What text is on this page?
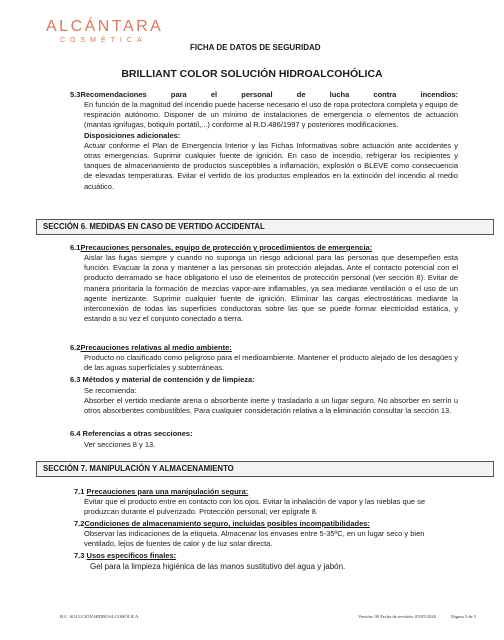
ALCÁNTARA
COSMÉTICA
FICHA DE DATOS DE SEGURIDAD
BRILLIANT COLOR SOLUCIÓN HIDROALCOHÓLICA

5.3Recomendaciones para el personal de lucha contra incendios:

En función de la magnitud del incendio puede hacerse necesario el uso de ropa protectora completa y equipo de respiración autónomo. Disponer de un mínimo de instalaciones de emergencia o elementos de actuación (mantas ignífugas, botiquín portátil,...) conforme al R.D.486/1997 y posteriores modificaciones.

Disposiciones adicionales:

Actuar conforme el Plan de Emergencia Interior y las Fichas Informativas sobre actuación ante accidentes y otras emergencias. Suprimir cualquier fuente de ignición. En caso de incendio, refrigerar los recipientes y tanques de almacenamiento de productos susceptibles a inflamación, explosión o BLEVE como consecuencia de elevadas temperaturas. Evitar el vertido de los productos empleados en la extinción del incendio al medio acuático.

SECCIÓN 6. MEDIDAS EN CASO DE VERTIDO ACCIDENTAL

6.1Precauciones personales, equipo de protección y procedimientos de emergencia:

Aislar las fugas siempre y cuando no suponga un riesgo adicional para las personas que desempeñen esta función. Evacuar la zona y mantener a las personas sin protección alejadas. Ante el contacto potencial con el producto derramado se hace obligatorio el uso de elementos de protección personal (ver sección 8). Evitar de manera prioritaria la formación de mezclas vapor-aire inflamables, ya sea mediante ventilación o el uso de un agente inertizante. Suprimir cualquier fuente de ignición. Eliminar las cargas electrostáticas mediante la interconexión de todas las superficies conductoras sobre las que se puede formar electricidad estática, y estando a su vez el conjunto conectado a tierra.

6.2Precauciones relativas al medio ambiente:

Producto no clasificado como peligroso para el medioambiente. Mantener el producto alejado de los desagües y de las aguas superficiales y subterráneas.

6.3 Métodos y material de contención y de limpieza:

Se recomienda:

Absorber el vertido mediante arena o absorbente inerte y trasladarlo a un lugar seguro. No absorber en serrín u otros absorbentes combustibles. Para cualquier consideración relativa a la eliminación consultar la sección 13.

6.4 Referencias a otras secciones:

Ver secciones 8 y 13.

SECCIÓN 7. MANIPULACIÓN Y ALMACENAMIENTO

7.1 Precauciones para una manipulación segura:

Evitar que el producto entre en contacto con los ojos. Evitar la inhalación de vapor y las nieblas que se produzcan durante el pulverizado. Protección personal; ver epígrafe 8.

7.2Condiciones de almacenamiento seguro, incluidas posibles incompatibilidades:

Observar las indicaciones de la etiqueta. Almacenar los envases entre 5-35ºC, en un lugar seco y bien ventilado, lejos de fuentes de calor y de luz solar directa.

7.3 Usos específicos finales:

Gel para la limpieza higiénica de las manos sustitutivo del agua y jabón.

B.C. SOLUCIÓN HIDROALCOHÓLICA	Versión: 00 Fecha de revisión: 05/05/2020	Página 5 de 5
